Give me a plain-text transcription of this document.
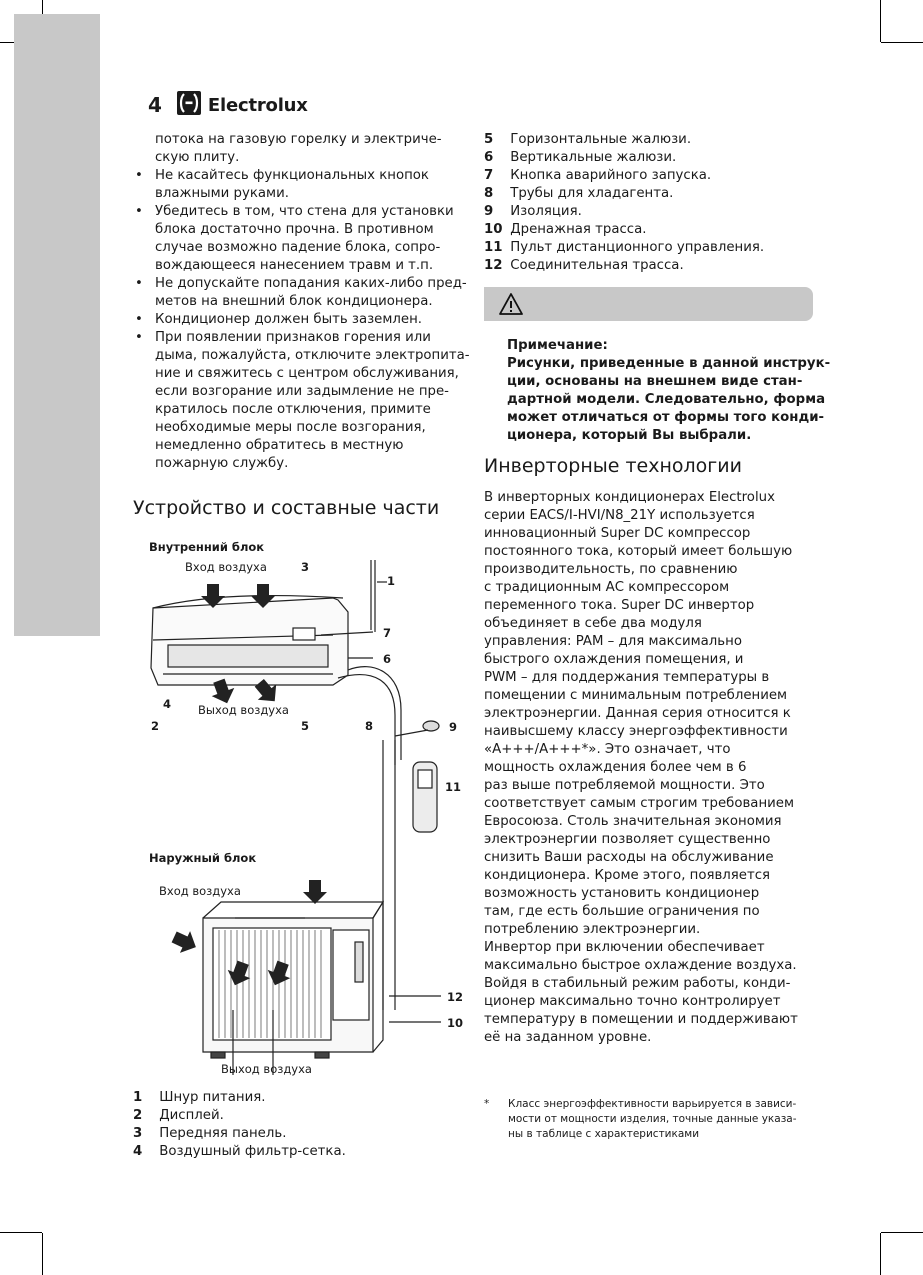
4	Electrolux
потока на газовую горелку и электриче-
скую плиту.
• Не касайтесь функциональных кнопок
влажными руками.
• Убедитесь в том, что стена для установки
блока достаточно прочна. В противном
случае возможно падение блока, сопро-
вождающееся нанесением травм и т.п.
• Не допускайте попадания каких-либо пред-
метов на внешний блок кондиционера.
• Кондиционер должен быть заземлен.
• При появлении признаков горения или
дыма, пожалуйста, отключите электропита-
ние и свяжитесь с центром обслуживания,
если возгорание или задымление не пре-
кратилось после отключения, примите
необходимые меры после возгорания,
немедленно обратитесь в местную
пожарную службу.
Устройство и составные части
Внутренний блок
Вход воздуха	3
1
7
6
4 Выход воздуха
2	5	8	9
11
Наружный блок
Вход воздуха
12
10
Выход воздуха
1 Шнур питания.
2 Дисплей.
3 Передняя панель.
4 Воздушный фильтр-сетка.
5 Горизонтальные жалюзи.
6 Вертикальные жалюзи.
7 Кнопка аварийного запуска.
8 Трубы для хладагента.
9 Изоляция.
10 Дренажная трасса.
11 Пульт дистанционного управления.
12 Соединительная трасса.
Примечание:
Рисунки, приведенные в данной инструк-
ции, основаны на внешнем виде стан-
дартной модели. Следовательно, форма
может отличаться от формы того конди-
ционера, который Вы выбрали.
Инверторные технологии
В инверторных кондиционерах Electrolux
серии EACS/I-HVI/N8_21Y используется
инновационный Super DC компрессор
постоянного тока, который имеет большую
производительность, по сравнению
с традиционным АС компрессором
переменного тока. Super DC инвертор
объединяет в себе два модуля
управления: PAM – для максимально
быстрого охлаждения помещения, и
PWM – для поддержания температуры в
помещении с минимальным потреблением
электроэнергии. Данная серия относится к
наивысшему классу энергоэффективности
«А+++/А+++*». Это означает, что
мощность охлаждения более чем в 6
раз выше потребляемой мощности. Это
соответствует самым строгим требованием
Евросоюза. Столь значительная экономия
электроэнергии позволяет существенно
снизить Ваши расходы на обслуживание
кондиционера. Кроме этого, появляется
возможность установить кондиционер
там, где есть большие ограничения по
потреблению электроэнергии.
Инвертор при включении обеспечивает
максимально быстрое охлаждение воздуха.
Войдя в стабильный режим работы, конди-
ционер максимально точно контролирует
температуру в помещении и поддерживают
её на заданном уровне.
* Класс энергоэффективности варьируется в зависи-
мости от мощности изделия, точные данные указа-
ны в таблице с характеристиками
